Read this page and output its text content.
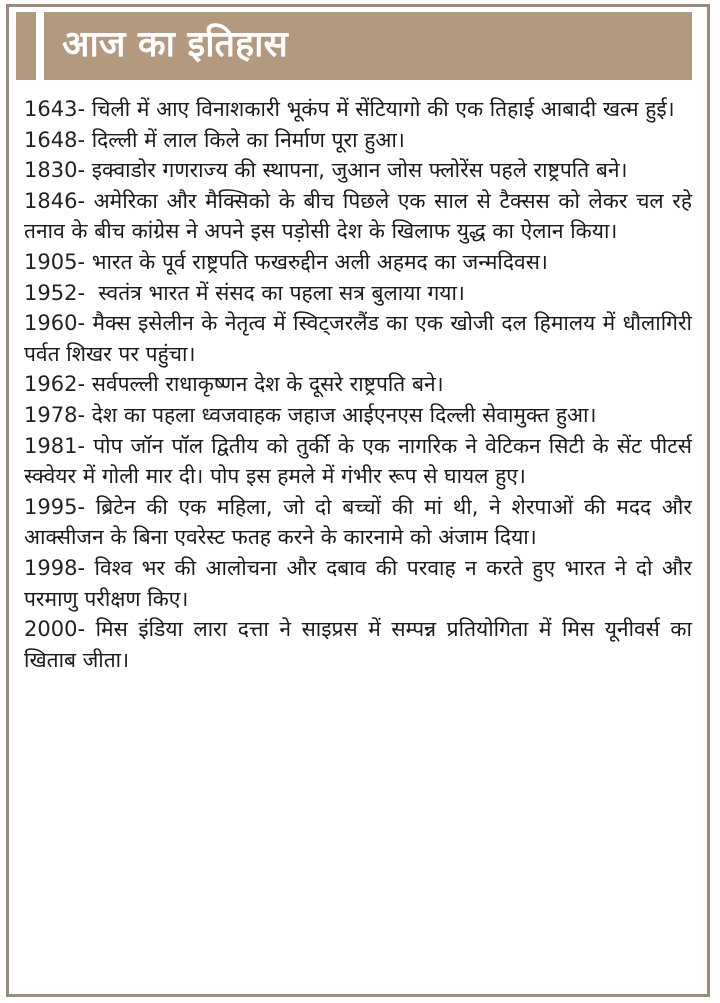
आज का इतिहास

1643- चिली में आए विनाशकारी भूकंप में सेंटियागो की एक तिहाई आबादी खत्म हुई।

1648- दिल्ली में लाल किले का निर्माण पूरा हुआ।

1830- इक्वाडोर गणराज्य की स्थापना, जुआन जोस फ्लोरेंस पहले राष्ट्रपति बने।

1846- अमेरिका और मैक्सिको के बीच पिछले एक साल से टैक्सस को लेकर चल रहे तनाव के बीच कांग्रेस ने अपने इस पड़ोसी देश के खिलाफ युद्ध का ऐलान किया।

1905- भारत के पूर्व राष्ट्रपति फखरुद्दीन अली अहमद का जन्मदिवस।

1952-  स्वतंत्र भारत में संसद का पहला सत्र बुलाया गया।

1960- मैक्स इसेलीन के नेतृत्व में स्विट्जरलैंड का एक खोजी दल हिमालय में धौलागिरी पर्वत शिखर पर पहुंचा।

1962- सर्वपल्ली राधाकृष्णन देश के दूसरे राष्ट्रपति बने।

1978- देश का पहला ध्वजवाहक जहाज आईएनएस दिल्ली सेवामुक्त हुआ।

1981- पोप जॉन पॉल द्वितीय को तुर्की के एक नागरिक ने वेटिकन सिटी के सेंट पीटर्स स्क्वेयर में गोली मार दी। पोप इस हमले में गंभीर रूप से घायल हुए।

1995- ब्रिटेन की एक महिला, जो दो बच्चों की मां थी, ने शेरपाओं की मदद और आक्सीजन के बिना एवरेस्ट फतह करने के कारनामे को अंजाम दिया।

1998- विश्व भर की आलोचना और दबाव की परवाह न करते हुए भारत ने दो और परमाणु परीक्षण किए।

2000- मिस इंडिया लारा दत्ता ने साइप्रस में सम्पन्न प्रतियोगिता में मिस यूनीवर्स का खिताब जीता।
